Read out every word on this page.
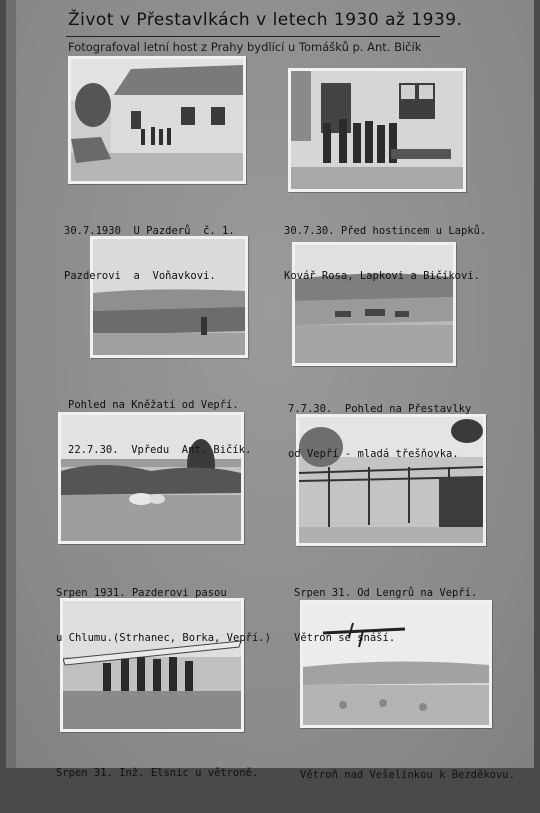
Život v Přestavlkách v letech 1930 až 1939.
Fotografoval letní host z Prahy bydlící u Tomášků p. Ant. Bičík

30.7.1930  U Pazderů  č. 1.

Pazderovi  a  Voňavkovi.

30.7.30. Před hostincem u Lapků.

Kovář Rosa, Lapkovi a Bičíkovi.

Pohled na Kněžatí od Vepří.

22.7.30.  Vpředu  Ant. Bičík.

7.7.30.  Pohled na Přestavlky

od Vepří - mladá třešňovka.

Srpen 1931. Pazderovi pasou

u Chlumu.(Strhanec, Borka, Vepří.)

Srpen 31. Od Lengrů na Vepří.

Větroň se snáší.

Srpen 31. Inž. Elsnic u větroně.

	Větroň nad Vešelinkou k Bezděkovu.
